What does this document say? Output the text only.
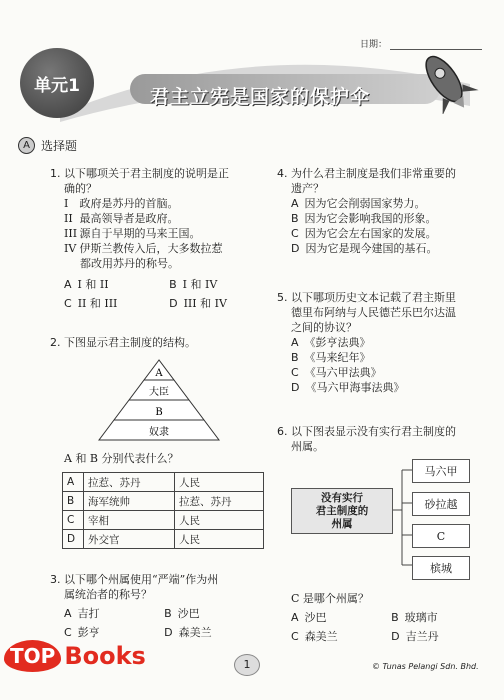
日期：
单元1
君主立宪是国家的保护伞
A 选择题
1. 以下哪项关于君主制度的说明是正
确的？
I 政府是苏丹的首脑。
II 最高领导者是政府。
III 源自于早期的马来王国。
IV 伊斯兰教传入后，大多数拉惹
都改用苏丹的称号。
A I 和 II	B I 和 IV
C II 和 III	D III 和 IV
2. 下图显示君主制度的结构。
A
大臣
B
奴隶
A 和 B 分别代表什么？
A	拉惹、苏丹	人民
B	海军统帅	拉惹、苏丹
C	宰相	人民
D	外交官	人民
3. 以下哪个州属使用“严端”作为州
属统治者的称号？
A 吉打	B 沙巴
C 彭亨	D 森美兰
4. 为什么君主制度是我们非常重要的
遗产？
A 因为它会削弱国家势力。
B 因为它会影响我国的形象。
C 因为它会左右国家的发展。
D 因为它是现今建国的基石。
5. 以下哪项历史文本记载了君主斯里
德里布阿纳与人民德芒乐巴尔达温
之间的协议？
A 《彭亨法典》
B 《马来纪年》
C 《马六甲法典》
D 《马六甲海事法典》
6. 以下图表显示没有实行君主制度的
州属。
没有实行
君主制度的
州属
马六甲
砂拉越
C
槟城
C 是哪个州属？
A 沙巴	B 玻璃市
C 森美兰	D 吉兰丹
TOP Books	1	© Tunas Pelangi Sdn. Bhd.
